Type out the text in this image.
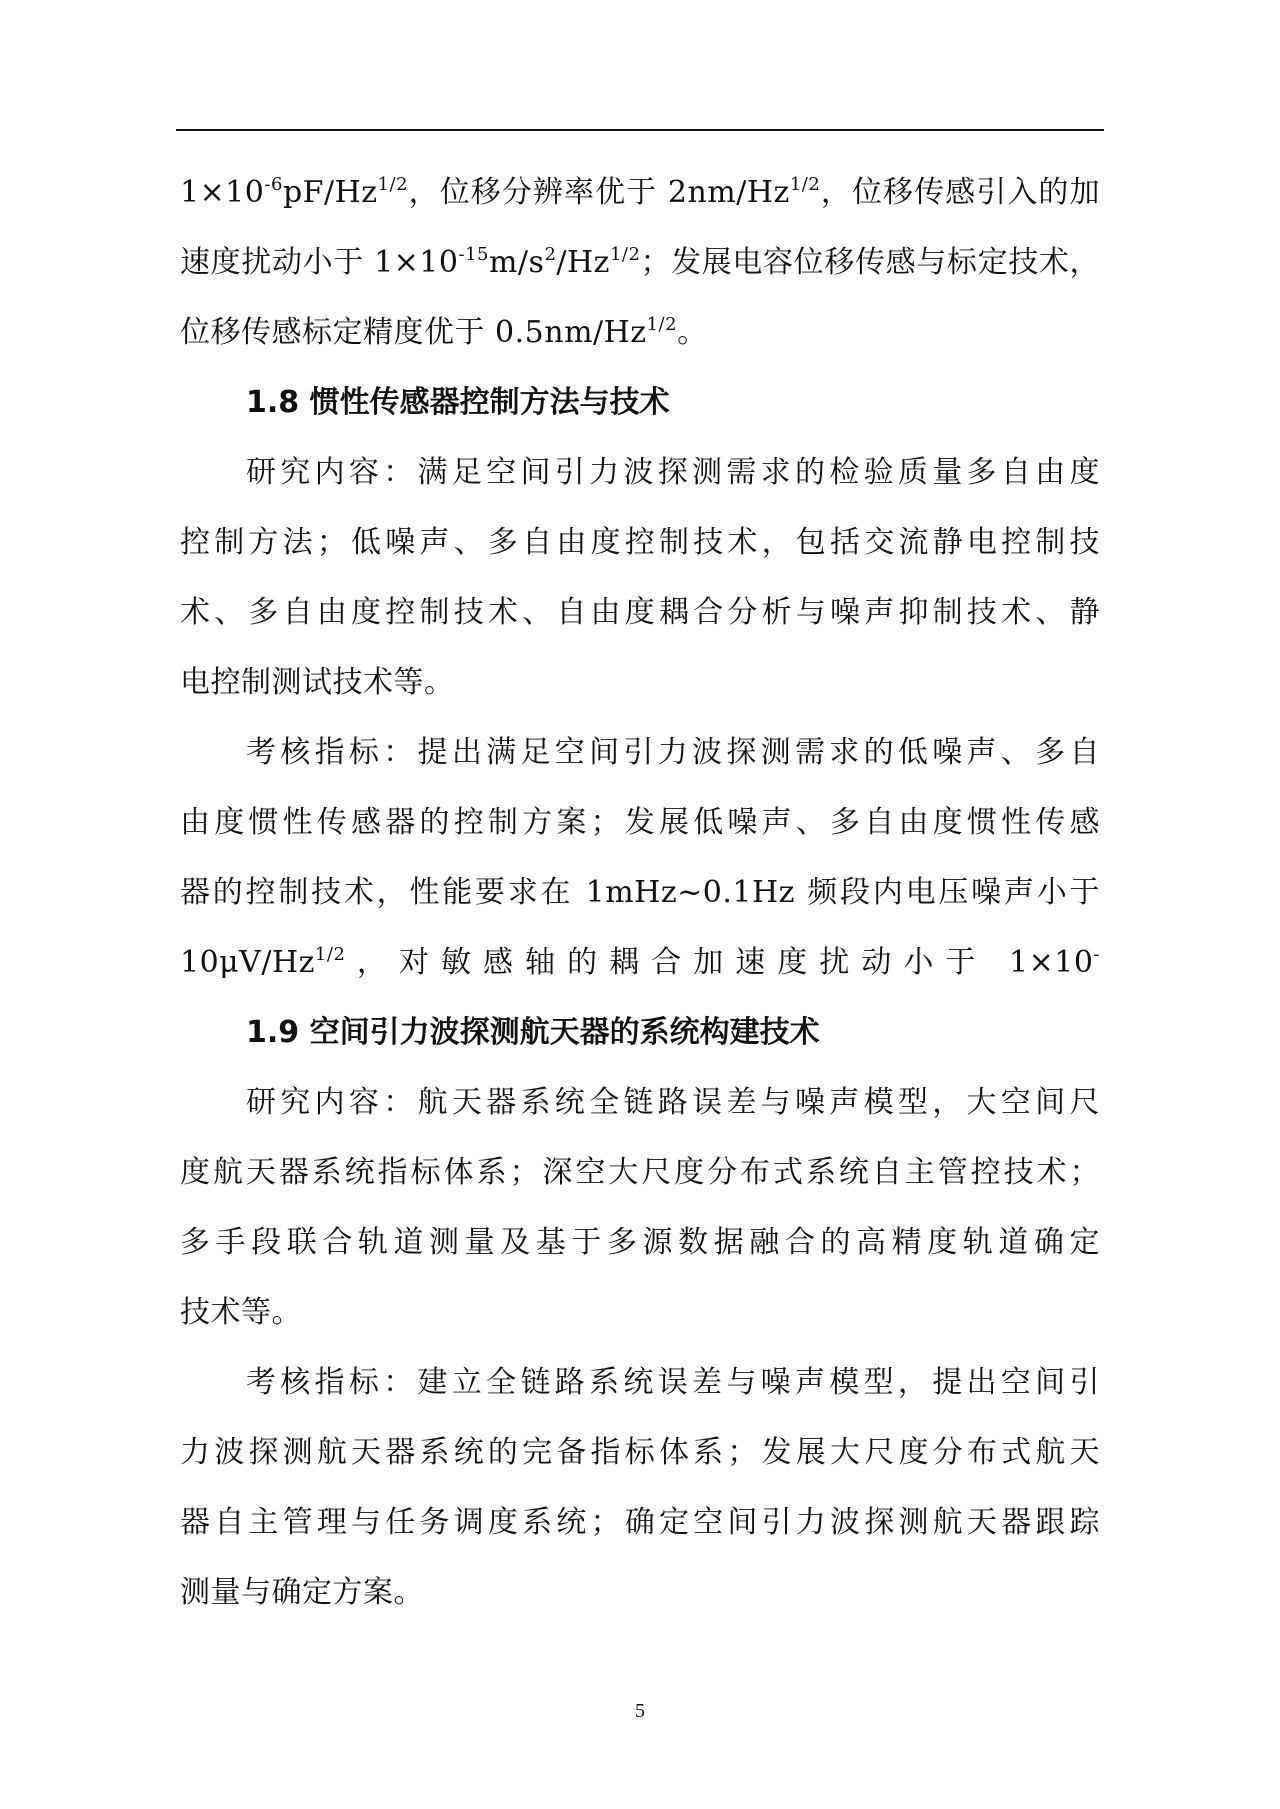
$1\times 10^{-6}pF/Hz^{1/2}$，位移分辨率优于 $2nm/Hz^{1/2}$，位移传感引入的加
速度扰动小于 $1\times 10^{-15}m/s^2/Hz^{1/2}$；发展电容位移传感与标定技术，
位移传感标定精度优于 $0.5nm/Hz^{1/2}$。
1.8 惯性传感器控制方法与技术
研究内容：满足空间引力波探测需求的检验质量多自由度
控制方法；低噪声、多自由度控制技术，包括交流静电控制技
术、多自由度控制技术、自由度耦合分析与噪声抑制技术、静
电控制测试技术等。
考核指标：提出满足空间引力波探测需求的低噪声、多自
由度惯性传感器的控制方案；发展低噪声、多自由度惯性传感
器的控制技术，性能要求在 1mHz~0.1Hz 频段内电压噪声小于
$10\mu V/Hz^{1/2}$，对敏感轴的耦合加速度扰动小于 1×10-
1.9 空间引力波探测航天器的系统构建技术
研究内容：航天器系统全链路误差与噪声模型，大空间尺
度航天器系统指标体系；深空大尺度分布式系统自主管控技术；
多手段联合轨道测量及基于多源数据融合的高精度轨道确定
技术等。
考核指标：建立全链路系统误差与噪声模型，提出空间引
力波探测航天器系统的完备指标体系；发展大尺度分布式航天
器自主管理与任务调度系统；确定空间引力波探测航天器跟踪
测量与确定方案。
5
